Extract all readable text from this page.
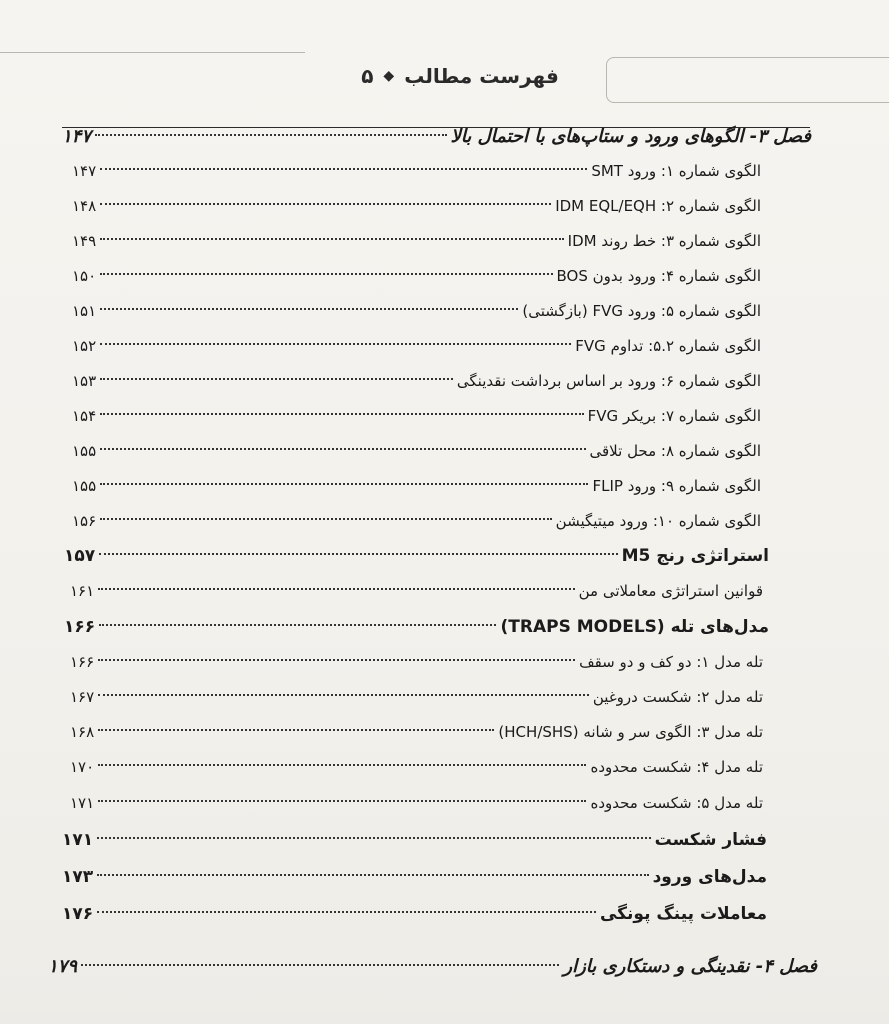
فهرست مطالب
◆
۵
فصل ۳- الگوهای ورود و ستاپ‌های با احتمال بالا
۱۴۷
الگوی شماره ۱: ورود SMT
۱۴۷
الگوی شماره ۲: IDM EQL/EQH
۱۴۸
الگوی شماره ۳: خط روند IDM
۱۴۹
الگوی شماره ۴: ورود بدون BOS
۱۵۰
الگوی شماره ۵: ورود FVG (بازگشتی)
۱۵۱
الگوی شماره ۵.۲: تداوم FVG
۱۵۲
الگوی شماره ۶: ورود بر اساس برداشت نقدینگی
۱۵۳
الگوی شماره ۷: بریکر FVG
۱۵۴
الگوی شماره ۸: محل تلاقی
۱۵۵
الگوی شماره ۹: ورود FLIP
۱۵۵
الگوی شماره ۱۰: ورود میتیگیشن
۱۵۶
استراتژی رنج M5
۱۵۷
قوانین استراتژی معاملاتی من
۱۶۱
مدل‌های تله (TRAPS MODELS)
۱۶۶
تله مدل ۱: دو کف و دو سقف
۱۶۶
تله مدل ۲: شکست دروغین
۱۶۷
تله مدل ۳: الگوی سر و شانه (HCH/SHS)
۱۶۸
تله مدل ۴: شکست محدوده
۱۷۰
تله مدل ۵: شکست محدوده
۱۷۱
فشار شکست
۱۷۱
مدل‌های ورود
۱۷۳
معاملات پینگ پونگی
۱۷۶
فصل ۴- نقدینگی و دستکاری بازار
۱۷۹
